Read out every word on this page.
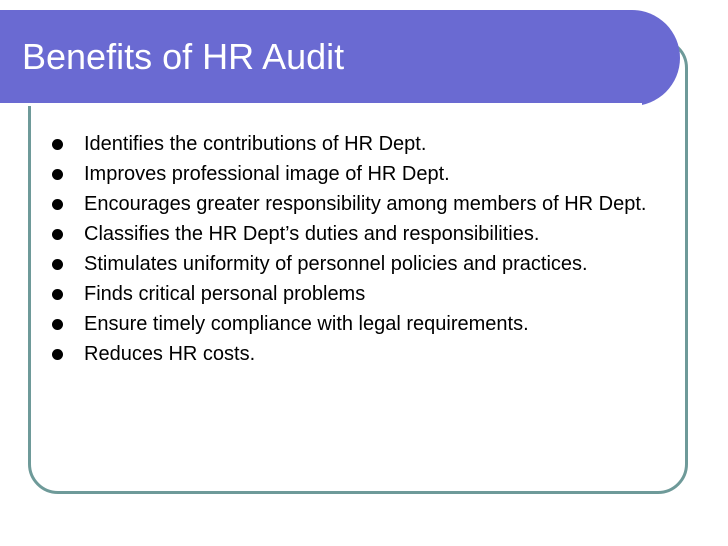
Benefits of HR Audit
Identifies the contributions of HR Dept.
Improves professional image of HR Dept.
Encourages greater responsibility among members of HR Dept.
Classifies the HR Dept’s duties and responsibilities.
Stimulates uniformity of personnel policies and practices.
Finds critical personal problems
Ensure timely compliance with legal requirements.
Reduces HR costs.
